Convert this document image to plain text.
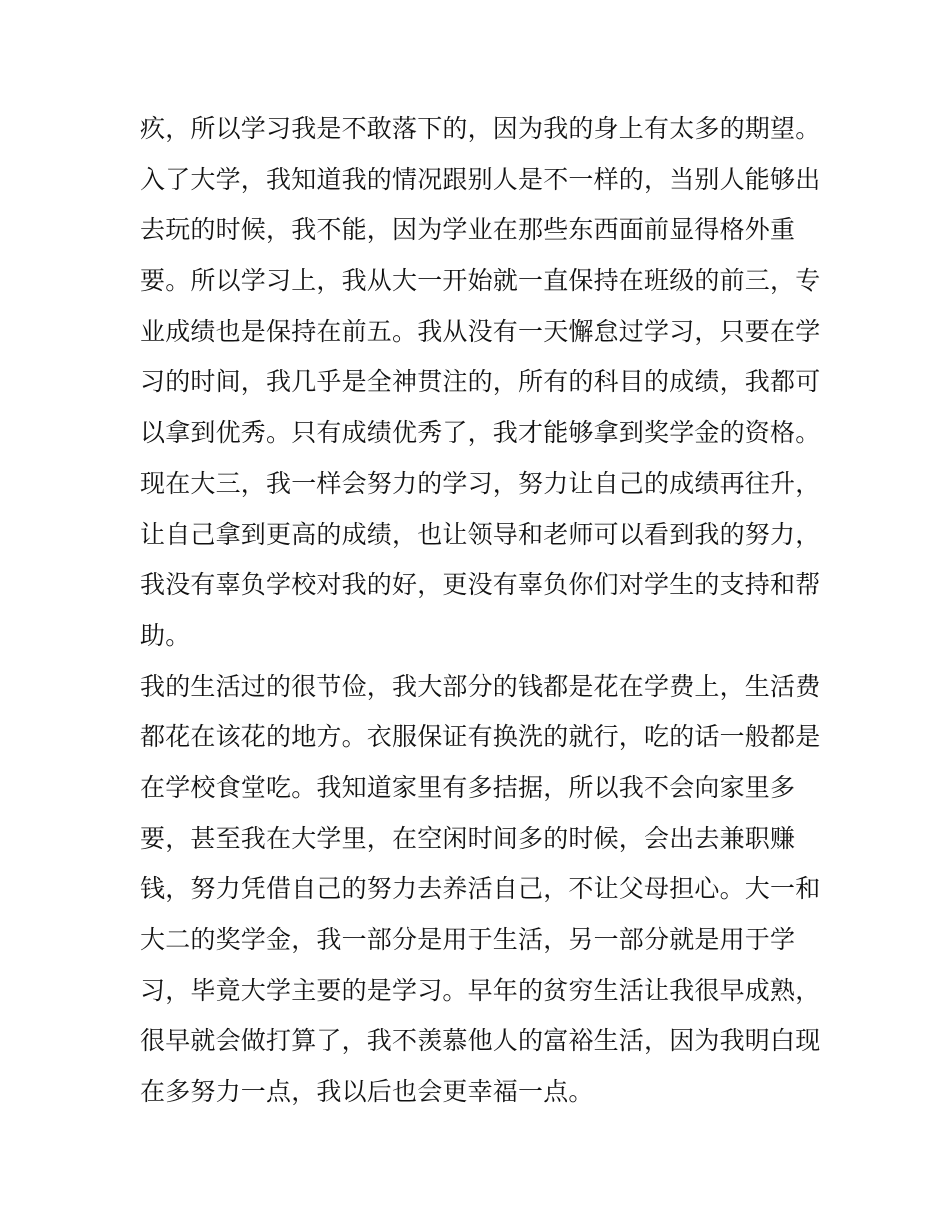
疚，所以学习我是不敢落下的，因为我的身上有太多的期望。
入了大学，我知道我的情况跟别人是不一样的，当别人能够出
去玩的时候，我不能，因为学业在那些东西面前显得格外重
要。所以学习上，我从大一开始就一直保持在班级的前三，专
业成绩也是保持在前五。我从没有一天懈怠过学习，只要在学
习的时间，我几乎是全神贯注的，所有的科目的成绩，我都可
以拿到优秀。只有成绩优秀了，我才能够拿到奖学金的资格。
现在大三，我一样会努力的学习，努力让自己的成绩再往升，
让自己拿到更高的成绩，也让领导和老师可以看到我的努力，
我没有辜负学校对我的好，更没有辜负你们对学生的支持和帮
助。
我的生活过的很节俭，我大部分的钱都是花在学费上，生活费
都花在该花的地方。衣服保证有换洗的就行，吃的话一般都是
在学校食堂吃。我知道家里有多拮据，所以我不会向家里多
要，甚至我在大学里，在空闲时间多的时候，会出去兼职赚
钱，努力凭借自己的努力去养活自己，不让父母担心。大一和
大二的奖学金，我一部分是用于生活，另一部分就是用于学
习，毕竟大学主要的是学习。早年的贫穷生活让我很早成熟，
很早就会做打算了，我不羡慕他人的富裕生活，因为我明白现
在多努力一点，我以后也会更幸福一点。
